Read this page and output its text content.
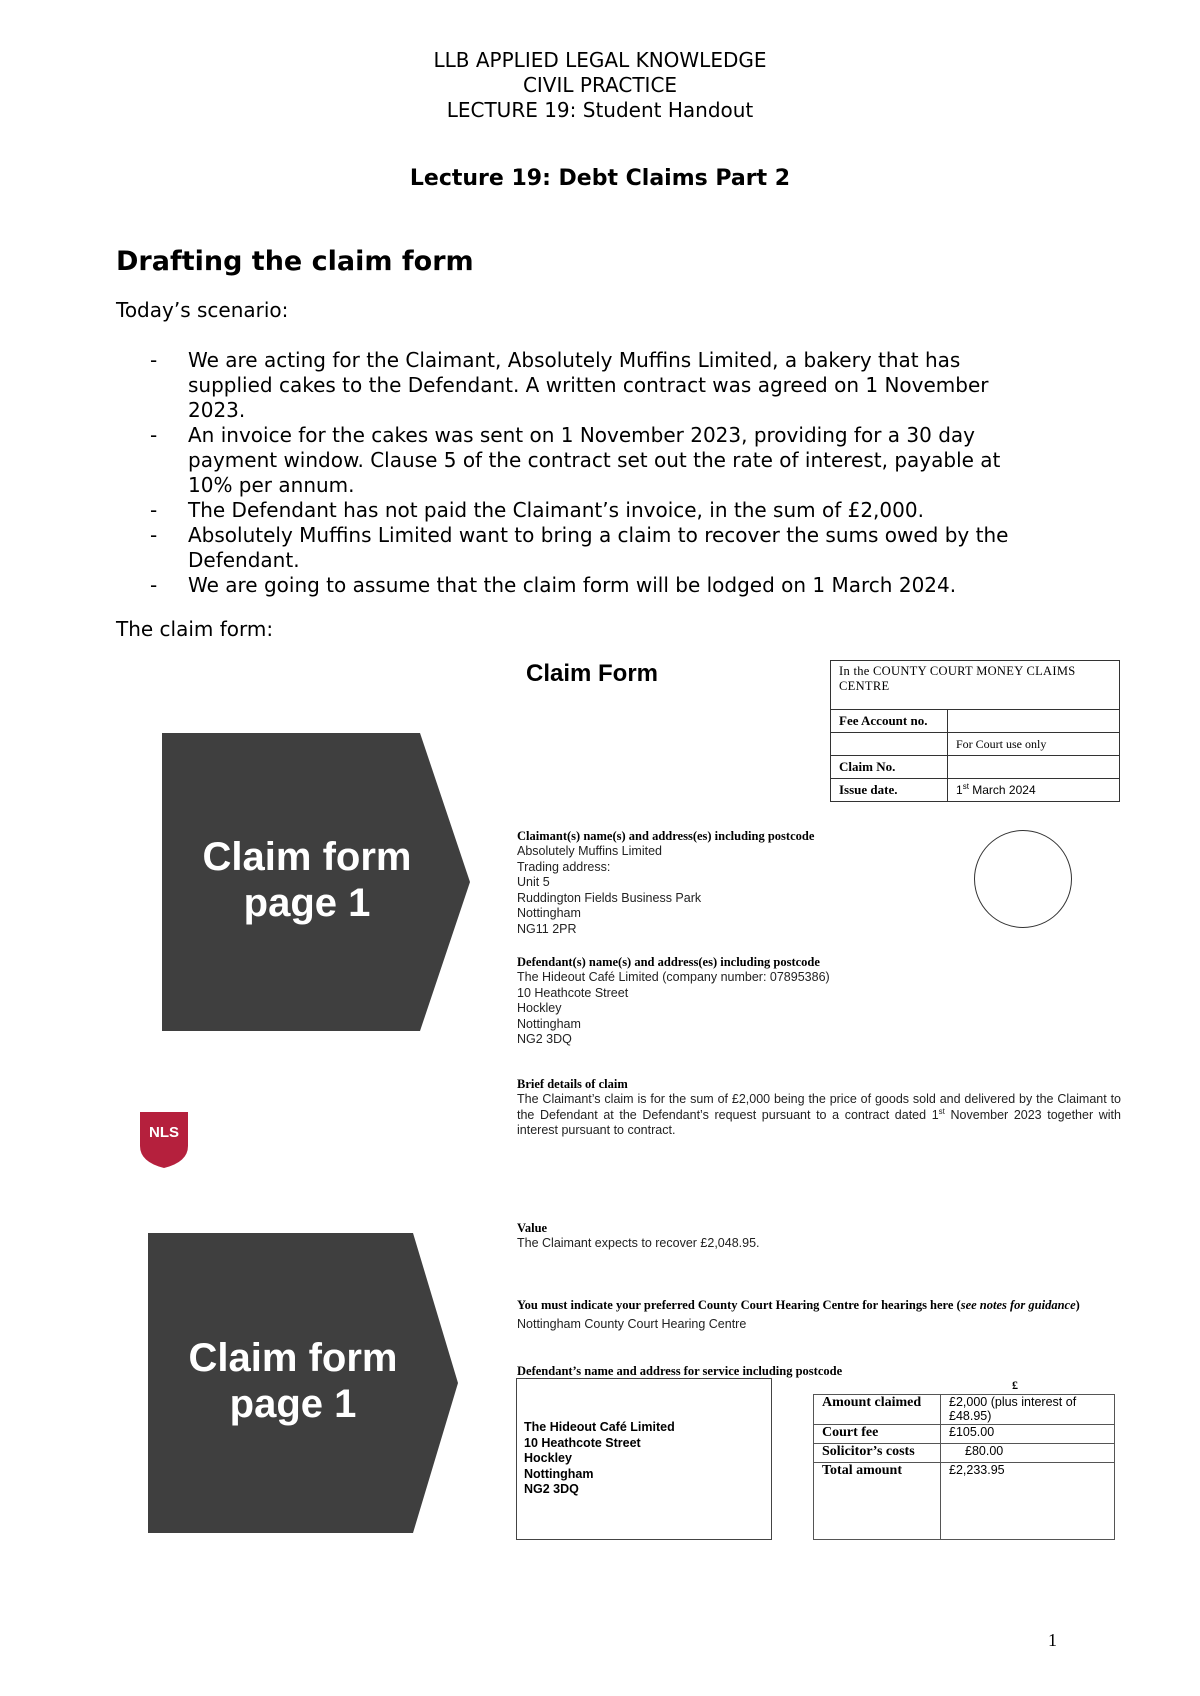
LLB APPLIED LEGAL KNOWLEDGE
CIVIL PRACTICE
LECTURE 19: Student Handout
Lecture 19: Debt Claims Part 2
Drafting the claim form
Today’s scenario:
- We are acting for the Claimant, Absolutely Muffins Limited, a bakery that has supplied cakes to the Defendant. A written contract was agreed on 1 November 2023.
- An invoice for the cakes was sent on 1 November 2023, providing for a 30 day payment window. Clause 5 of the contract set out the rate of interest, payable at 10% per annum.
- The Defendant has not paid the Claimant’s invoice, in the sum of £2,000.
- Absolutely Muffins Limited want to bring a claim to recover the sums owed by the Defendant.
- We are going to assume that the claim form will be lodged on 1 March 2024.
The claim form:
Claim form
page 1
NLS
Claim form
page 1
Claim Form	In the COUNTY COURT MONEY CLAIMS CENTRE	
Fee Account no.	
	For Court use only
Claim No.	
Issue date.	1st March 2024
Claimant(s) name(s) and address(es) including postcode
Absolutely Muffins Limited
Trading address:
Unit 5
Ruddington Fields Business Park
Nottingham
NG11 2PR
Defendant(s) name(s) and address(es) including postcode
The Hideout Café Limited (company number: 07895386)
10 Heathcote Street
Hockley
Nottingham
NG2 3DQ
Brief details of claim
The Claimant’s claim is for the sum of £2,000 being the price of goods sold and delivered by the Claimant to the Defendant at the Defendant’s request pursuant to a contract dated 1st November 2023 together with interest pursuant to contract.
Value
The Claimant expects to recover £2,048.95.
You must indicate your preferred County Court Hearing Centre for hearings here (see notes for guidance)
Nottingham County Court Hearing Centre
Defendant’s name and address for service including postcode
The Hideout Café Limited
10 Heathcote Street
Hockley
Nottingham
NG2 3DQ
£
Amount claimed	£2,000 (plus interest of £48.95)
Court fee	£105.00
Solicitor’s costs	£80.00
Total amount	£2,233.95
1
